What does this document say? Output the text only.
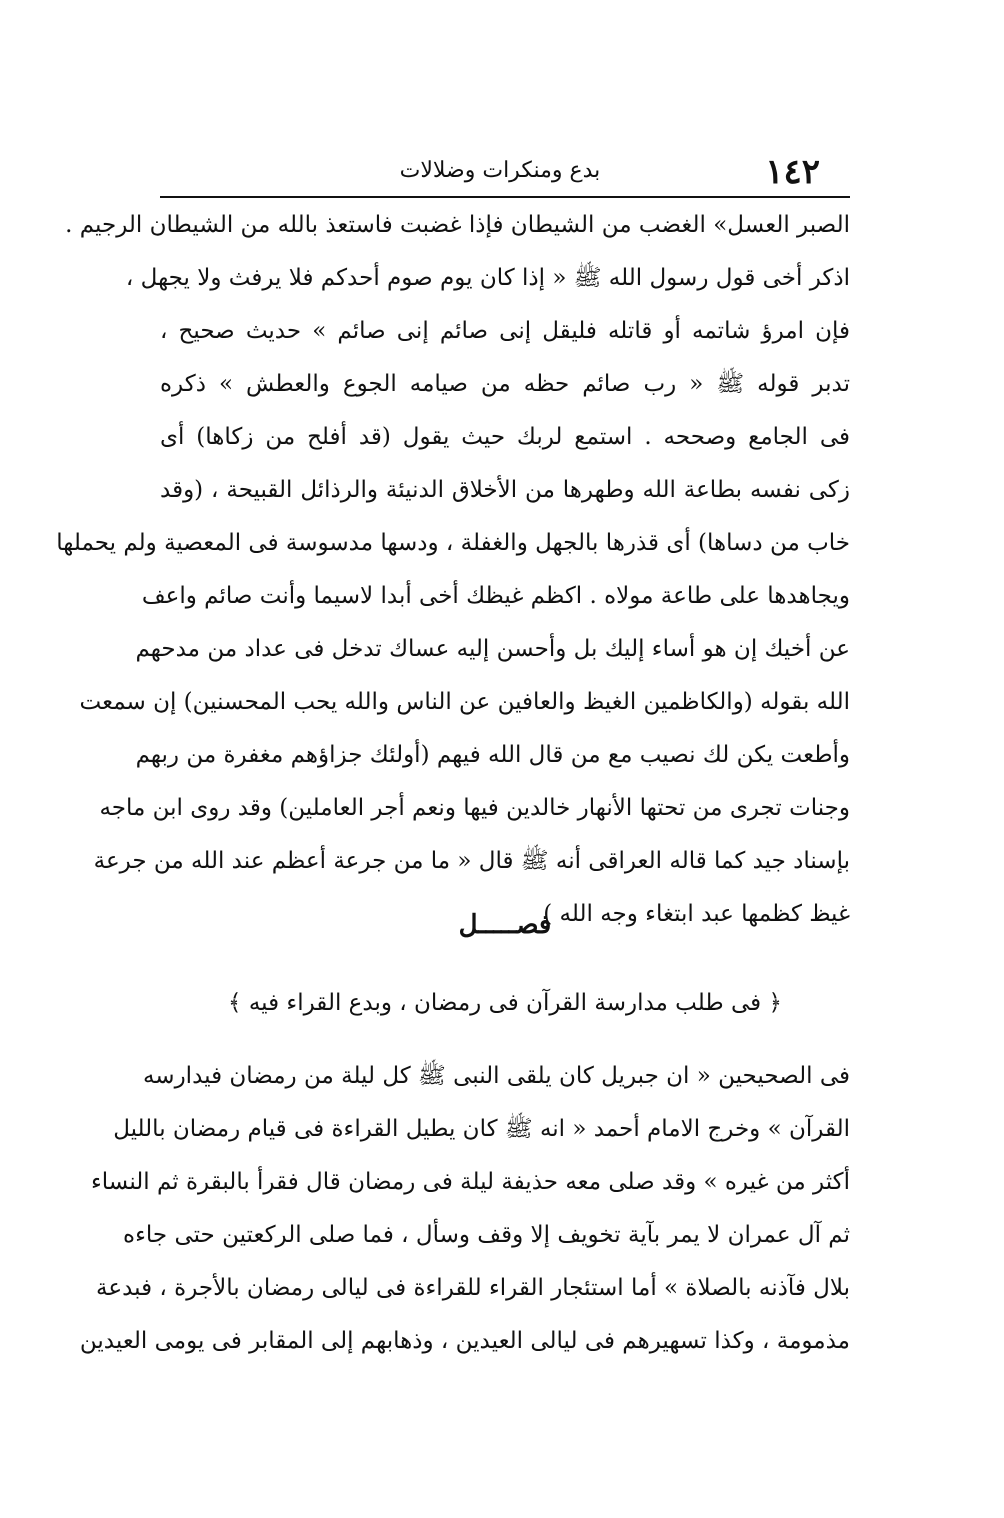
١٤٢
بدع ومنكرات وضلالات
الصبر العسل» الغضب من الشيطان فإذا غضبت فاستعذ بالله من الشيطان الرجيم .
اذكر أخى قول رسول الله ﷺ « إذا كان يوم صوم أحدكم فلا يرفث ولا يجهل ،
فإن امرؤ شاتمه أو قاتله فليقل إنى صائم إنى صائم » حديث صحيح ،
تدبر قوله ﷺ « رب صائم حظه من صيامه الجوع والعطش » ذكره
فى الجامع وصححه . استمع لربك حيث يقول (قد أفلح من زكاها) أى
زكى نفسه بطاعة الله وطهرها من الأخلاق الدنيئة والرذائل القبيحة ، (وقد
خاب من دساها) أى قذرها بالجهل والغفلة ، ودسها مدسوسة فى المعصية ولم يحملها
ويجاهدها على طاعة مولاه . اكظم غيظك أخى أبدا لاسيما وأنت صائم واعف
عن أخيك إن هو أساء إليك بل وأحسن إليه عساك تدخل فى عداد من مدحهم
الله بقوله (والكاظمين الغيظ والعافين عن الناس والله يحب المحسنين) إن سمعت
وأطعت يكن لك نصيب مع من قال الله فيهم (أولئك جزاؤهم مغفرة من ربهم
وجنات تجرى من تحتها الأنهار خالدين فيها ونعم أجر العاملين) وقد روى ابن ماجه
بإسناد جيد كما قاله العراقى أنه ﷺ قال « ما من جرعة أعظم عند الله من جرعة
غيظ كظمها عبد ابتغاء وجه الله )
فصـــــل
﴿ فى طلب مدارسة القرآن فى رمضان ، وبدع القراء فيه ﴾
فى الصحيحين « ان جبريل كان يلقى النبى ﷺ كل ليلة من رمضان فيدارسه
القرآن » وخرج الامام أحمد « انه ﷺ كان يطيل القراءة فى قيام رمضان بالليل
أكثر من غيره » وقد صلى معه حذيفة ليلة فى رمضان قال فقرأ بالبقرة ثم النساء
ثم آل عمران لا يمر بآية تخويف إلا وقف وسأل ، فما صلى الركعتين حتى جاءه
بلال فآذنه بالصلاة » أما استئجار القراء للقراءة فى ليالى رمضان بالأجرة ، فبدعة
مذمومة ، وكذا تسهيرهم فى ليالى العيدين ، وذهابهم إلى المقابر فى يومى العيدين
